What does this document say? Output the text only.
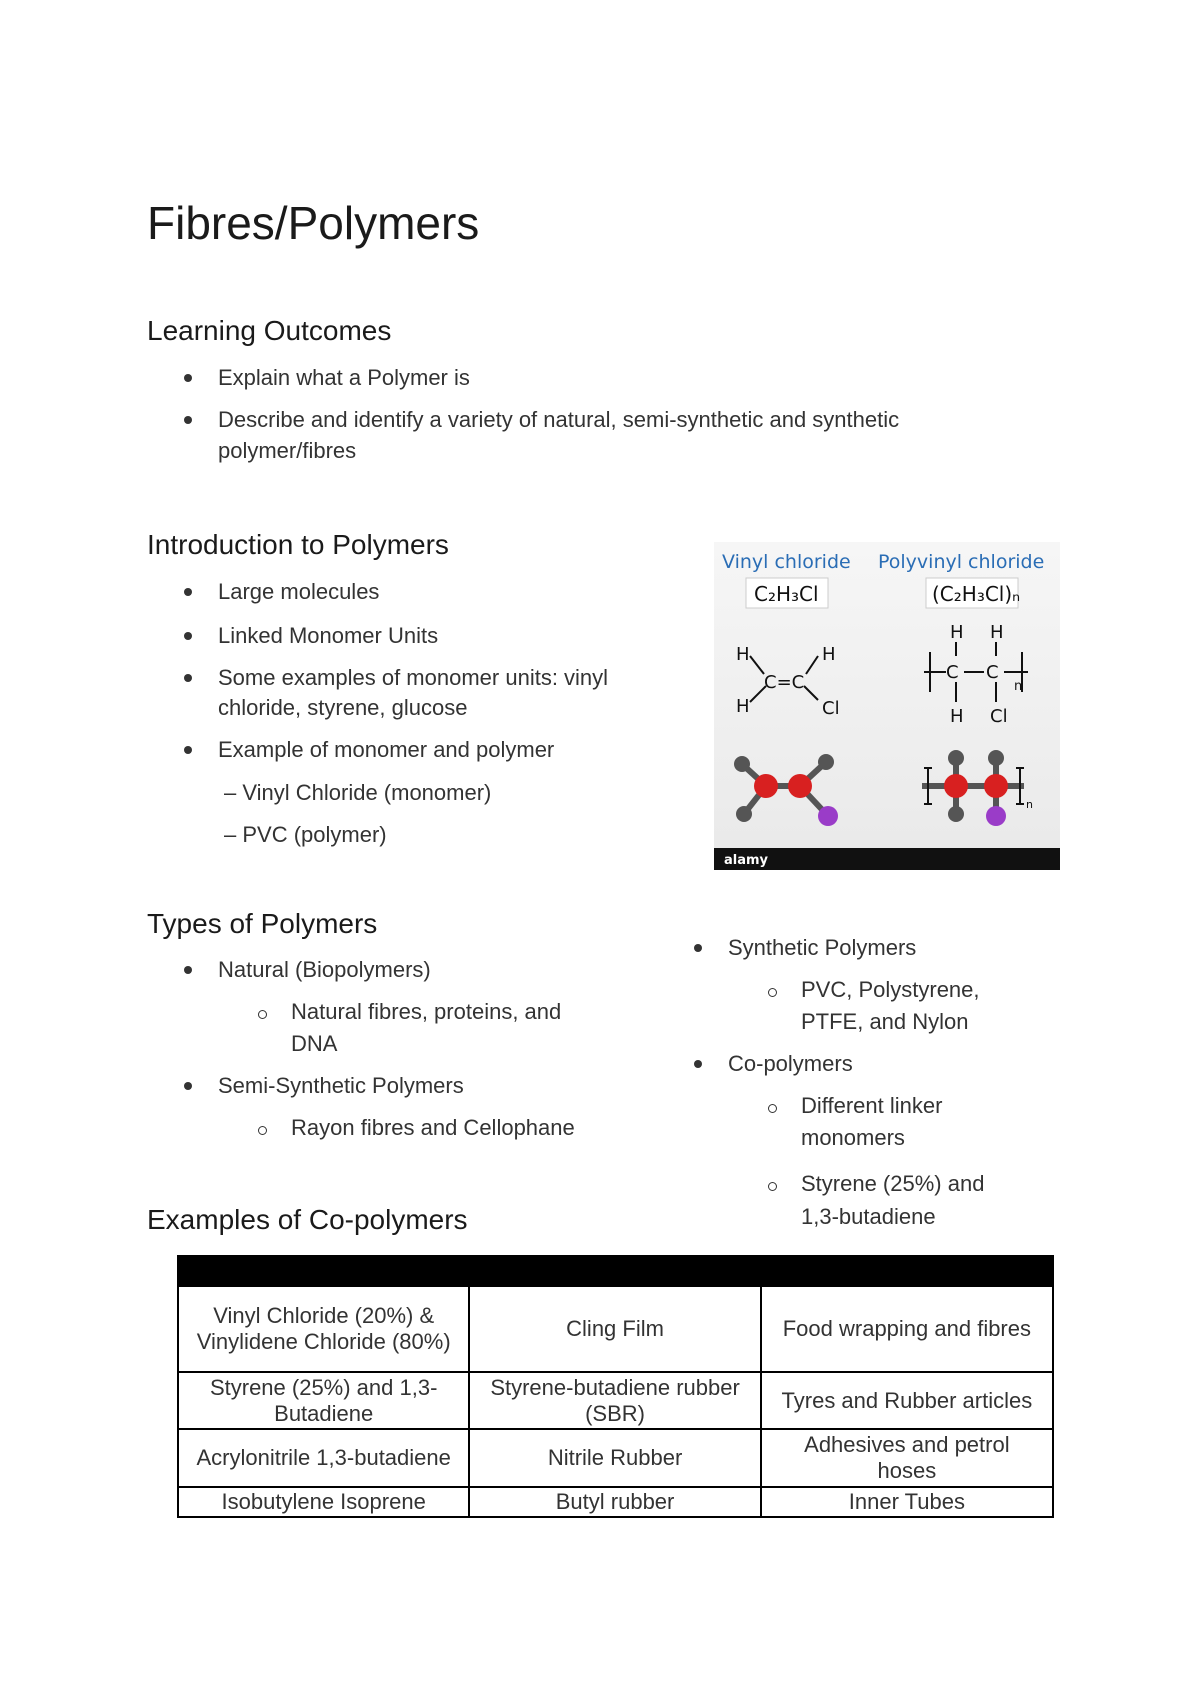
Fibres/Polymers
Learning Outcomes
Explain what a Polymer is
Describe and identify a variety of natural, semi-synthetic and synthetic
polymer/fibres
Introduction to Polymers
Large molecules
Linked Monomer Units
Some examples of monomer units: vinyl
chloride, styrene, glucose
Example of monomer and polymer
– Vinyl Chloride (monomer)
– PVC (polymer)
Vinyl chloride Polyvinyl chloride
C₂H₃Cl	(C₂H₃Cl)ₙ
H	H
H	Cl
C=C
H H
C C
H Cl
n
n
alamy
Types of Polymers
Natural (Biopolymers)
Natural fibres, proteins, and
DNA
Semi-Synthetic Polymers
Rayon fibres and Cellophane
Synthetic Polymers
PVC, Polystyrene,
PTFE, and Nylon
Co-polymers
Different linker
monomers
Styrene (25%) and
1,3-butadiene
Examples of Co-polymers

Vinyl Chloride (20%) & Vinylidene Chloride (80%)	Cling Film	Food wrapping and fibres
Styrene (25%) and 1,3-Butadiene	Styrene-butadiene rubber (SBR)	Tyres and Rubber articles
Acrylonitrile 1,3-butadiene	Nitrile Rubber	Adhesives and petrol hoses
Isobutylene Isoprene	Butyl rubber	Inner Tubes
